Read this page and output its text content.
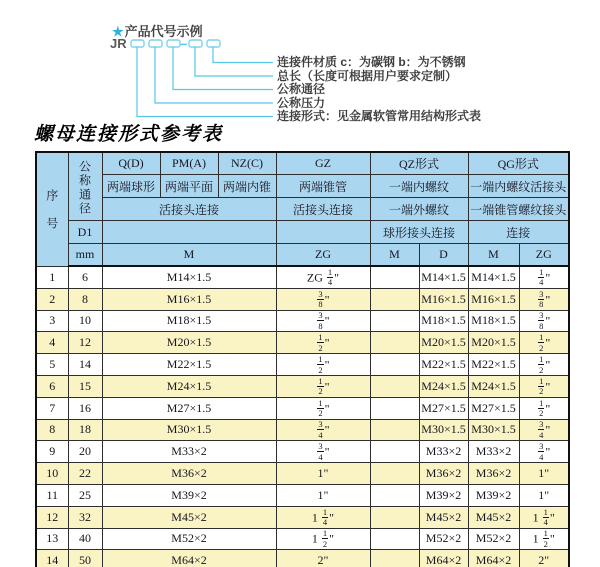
★产品代号示例
JR	–
连接件材质 c：为碳钢 b：为不锈钢
总长（长度可根据用户要求定制）
公称通径
公称压力
连接形式：见金属软管常用结构形式表
螺母连接形式参考表
序号	公称通径	Q(D)	PM(A)	NZ(C)	GZ	QZ形式		QG形式	
		两端球形	两端平面	两端内锥	两端锥管	一端内螺纹		一端内螺纹活接头	
		活接头连接			活接头连接	一端外螺纹		一端锥管螺纹接头	
	D1					球形接头连接		连接	
	mm	M			ZG	M	D	M	ZG
1	6	M14×1.5			ZG $\frac{1}{4}$ "		M14×1.5	M14×1.5	$\frac{1}{4}$ "
2	8	M16×1.5			$\frac{3}{8}$ "		M16×1.5	M16×1.5	$\frac{3}{8}$ "
3	10	M18×1.5			$\frac{3}{8}$ "		M18×1.5	M18×1.5	$\frac{3}{8}$ "
4	12	M20×1.5			$\frac{1}{2}$ "		M20×1.5	M20×1.5	$\frac{1}{2}$ "
5	14	M22×1.5			$\frac{1}{2}$ "		M22×1.5	M22×1.5	$\frac{1}{2}$ "
6	15	M24×1.5			$\frac{1}{2}$ "		M24×1.5	M24×1.5	$\frac{1}{2}$ "
7	16	M27×1.5			$\frac{1}{2}$ "		M27×1.5	M27×1.5	$\frac{1}{2}$ "
8	18	M30×1.5			$\frac{3}{4}$ "		M30×1.5	M30×1.5	$\frac{3}{4}$ "
9	20	M33×2			$\frac{3}{4}$ "		M33×2	M33×2	$\frac{3}{4}$ "
10	22	M36×2			1"		M36×2	M36×2	1"
11	25	M39×2			1"		M39×2	M39×2	1"
12	32	M45×2			$1 \frac{1}{4}$ "		M45×2	M45×2	$1 \frac{1}{4}$ "
13	40	M52×2			$1 \frac{1}{2}$ "		M52×2	M52×2	$1 \frac{1}{2}$ "
14	50	M64×2			2"		M64×2	M64×2	2"
